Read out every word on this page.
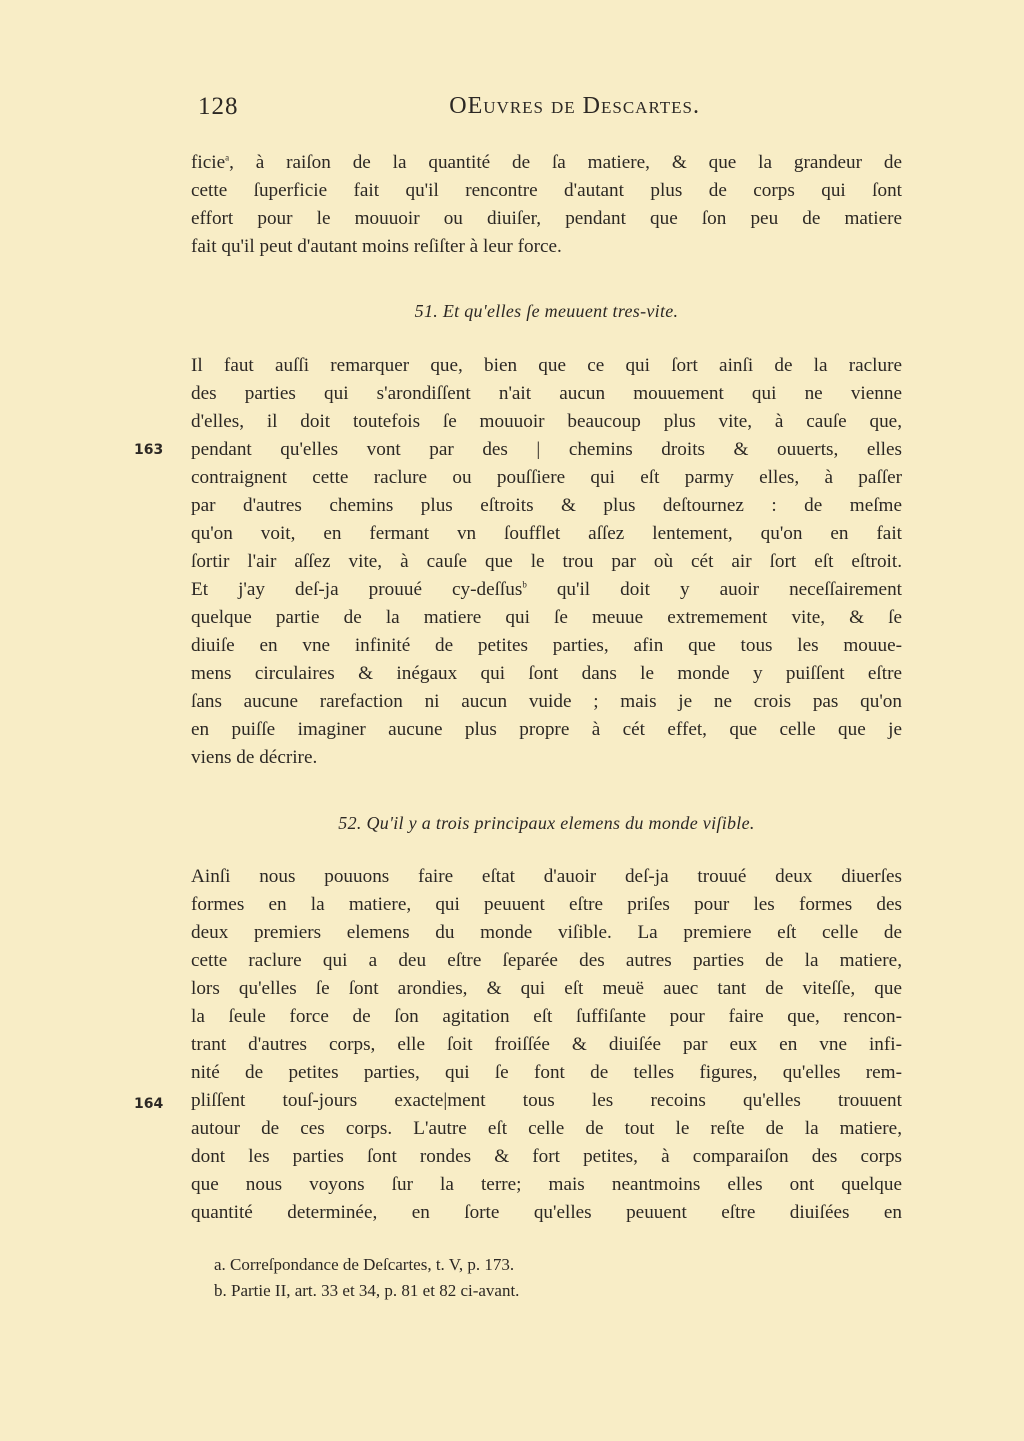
128	OEuvres de Descartes.
ficie$^a$, à raiſon de la quantité de ſa matiere, & que la grandeur de
cette ſuperficie fait qu'il rencontre d'autant plus de corps qui ſont
effort pour le mouuoir ou diuiſer, pendant que ſon peu de matiere
fait qu'il peut d'autant moins reſiſter à leur force.
51. Et qu'elles ſe meuuent tres-vite.
Il faut auſſi remarquer que, bien que ce qui ſort ainſi de la raclure
des parties qui s'arondiſſent n'ait aucun mouuement qui ne vienne
d'elles, il doit toutefois ſe mouuoir beaucoup plus vite, à cauſe que,
pendant qu'elles vont par des | chemins droits & ouuerts, elles
contraignent cette raclure ou pouſſiere qui eſt parmy elles, à paſſer
par d'autres chemins plus eſtroits & plus deſtournez : de meſme
qu'on voit, en fermant vn ſoufflet aſſez lentement, qu'on en fait
ſortir l'air aſſez vite, à cauſe que le trou par où cét air ſort eſt eſtroit.
Et j'ay deſ-ja prouué cy-deſſus$^b$ qu'il doit y auoir neceſſairement
quelque partie de la matiere qui ſe meuue extremement vite, & ſe
diuiſe en vne infinité de petites parties, afin que tous les mouue-
mens circulaires & inégaux qui ſont dans le monde y puiſſent eſtre
ſans aucune rarefaction ni aucun vuide ; mais je ne crois pas qu'on
en puiſſe imaginer aucune plus propre à cét effet, que celle que je
viens de décrire.
163
52. Qu'il y a trois principaux elemens du monde viſible.
Ainſi nous pouuons faire eſtat d'auoir deſ-ja trouué deux diuerſes
formes en la matiere, qui peuuent eſtre priſes pour les formes des
deux premiers elemens du monde viſible. La premiere eſt celle de
cette raclure qui a deu eſtre ſeparée des autres parties de la matiere,
lors qu'elles ſe ſont arondies, & qui eſt meuë auec tant de viteſſe, que
la ſeule force de ſon agitation eſt ſuffiſante pour faire que, rencon-
trant d'autres corps, elle ſoit froiſſée & diuiſée par eux en vne infi-
nité de petites parties, qui ſe font de telles figures, qu'elles rem-
pliſſent touſ-jours exacte|ment tous les recoins qu'elles trouuent
autour de ces corps. L'autre eſt celle de tout le reſte de la matiere,
dont les parties ſont rondes & fort petites, à comparaiſon des corps
que nous voyons ſur la terre; mais neantmoins elles ont quelque
quantité determinée, en ſorte qu'elles peuuent eſtre diuiſées en
164
a. Correſpondance de Deſcartes, t. V, p. 173.
b. Partie II, art. 33 et 34, p. 81 et 82 ci-avant.
